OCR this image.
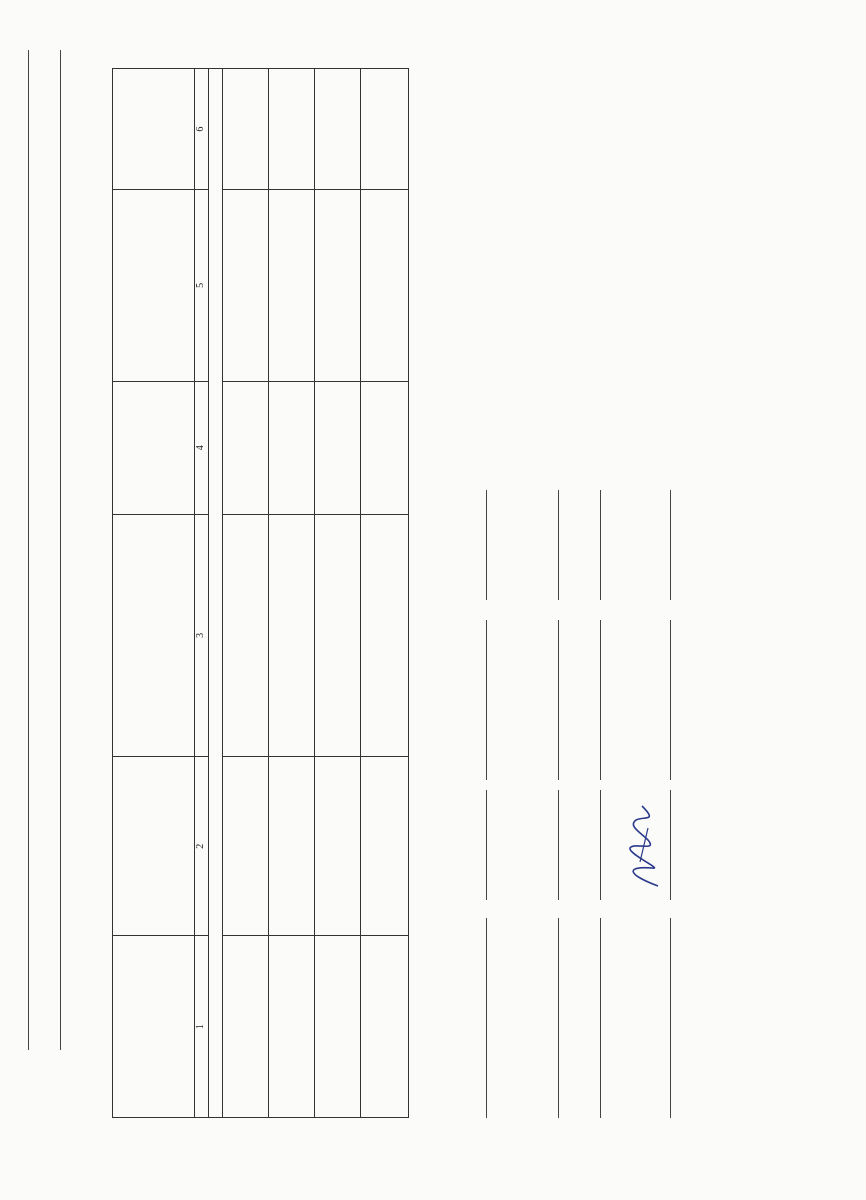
1	2	3	4	5	6
